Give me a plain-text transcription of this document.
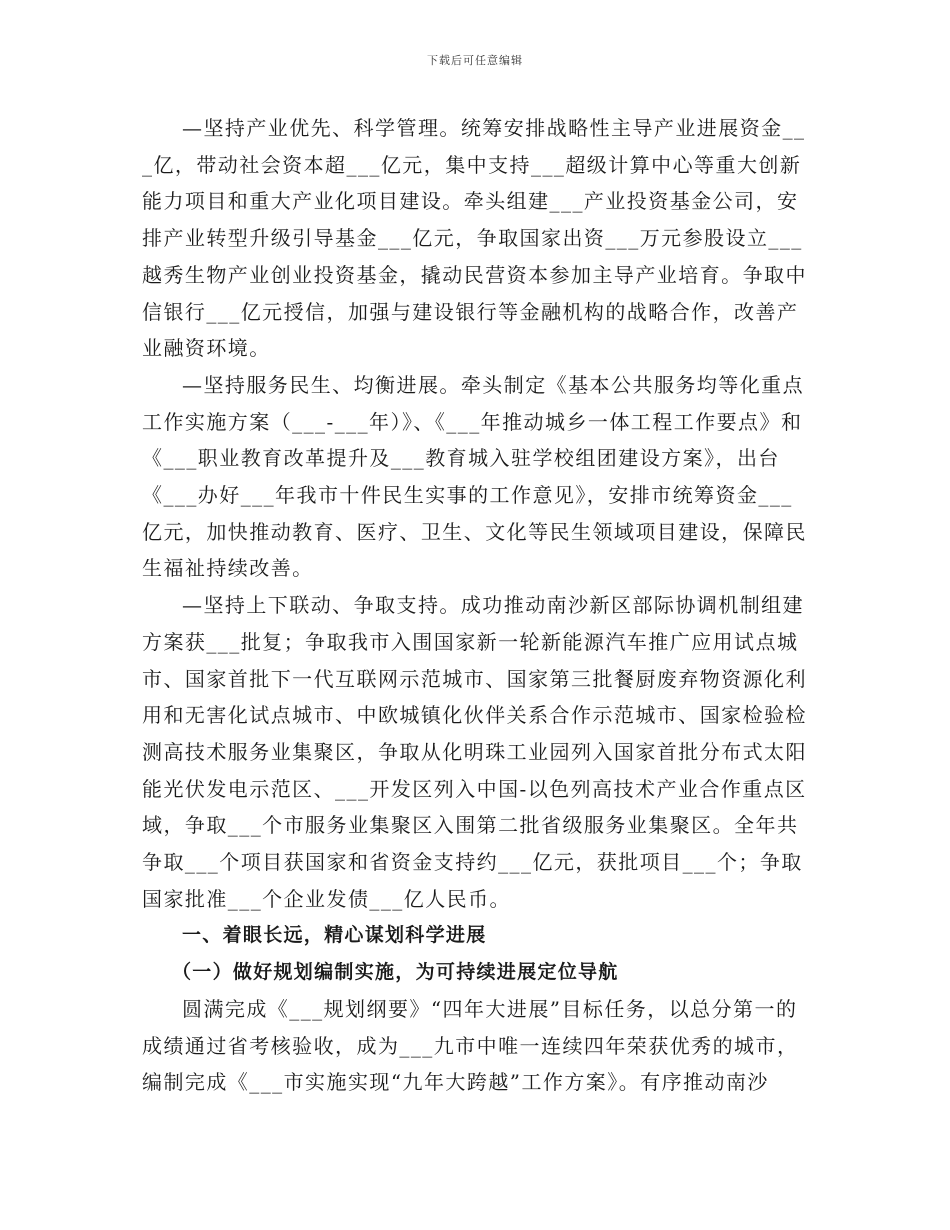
下载后可任意编辑

—坚持产业优先、科学管理。统筹安排战略性主导产业进展资金___亿，带动社会资本超___亿元，集中支持___超级计算中心等重大创新能力项目和重大产业化项目建设。牵头组建___产业投资基金公司，安排产业转型升级引导基金___亿元，争取国家出资___万元参股设立___越秀生物产业创业投资基金，撬动民营资本参加主导产业培育。争取中信银行___亿元授信，加强与建设银行等金融机构的战略合作，改善产业融资环境。

—坚持服务民生、均衡进展。牵头制定《基本公共服务均等化重点工作实施方案（___-___年）》、《___年推动城乡一体工程工作要点》和《___职业教育改革提升及___教育城入驻学校组团建设方案》，出台《___办好___年我市十件民生实事的工作意见》，安排市统筹资金___亿元，加快推动教育、医疗、卫生、文化等民生领域项目建设，保障民生福祉持续改善。

—坚持上下联动、争取支持。成功推动南沙新区部际协调机制组建方案获___批复；争取我市入围国家新一轮新能源汽车推广应用试点城市、国家首批下一代互联网示范城市、国家第三批餐厨废弃物资源化利用和无害化试点城市、中欧城镇化伙伴关系合作示范城市、国家检验检测高技术服务业集聚区，争取从化明珠工业园列入国家首批分布式太阳能光伏发电示范区、___开发区列入中国-以色列高技术产业合作重点区域，争取___个市服务业集聚区入围第二批省级服务业集聚区。全年共争取___个项目获国家和省资金支持约___亿元，获批项目___个；争取国家批准___个企业发债___亿人民币。

一、着眼长远，精心谋划科学进展

（一）做好规划编制实施，为可持续进展定位导航

圆满完成《___规划纲要》“四年大进展”目标任务，以总分第一的成绩通过省考核验收，成为___九市中唯一连续四年荣获优秀的城市，编制完成《___市实施实现“九年大跨越”工作方案》。有序推动南沙
